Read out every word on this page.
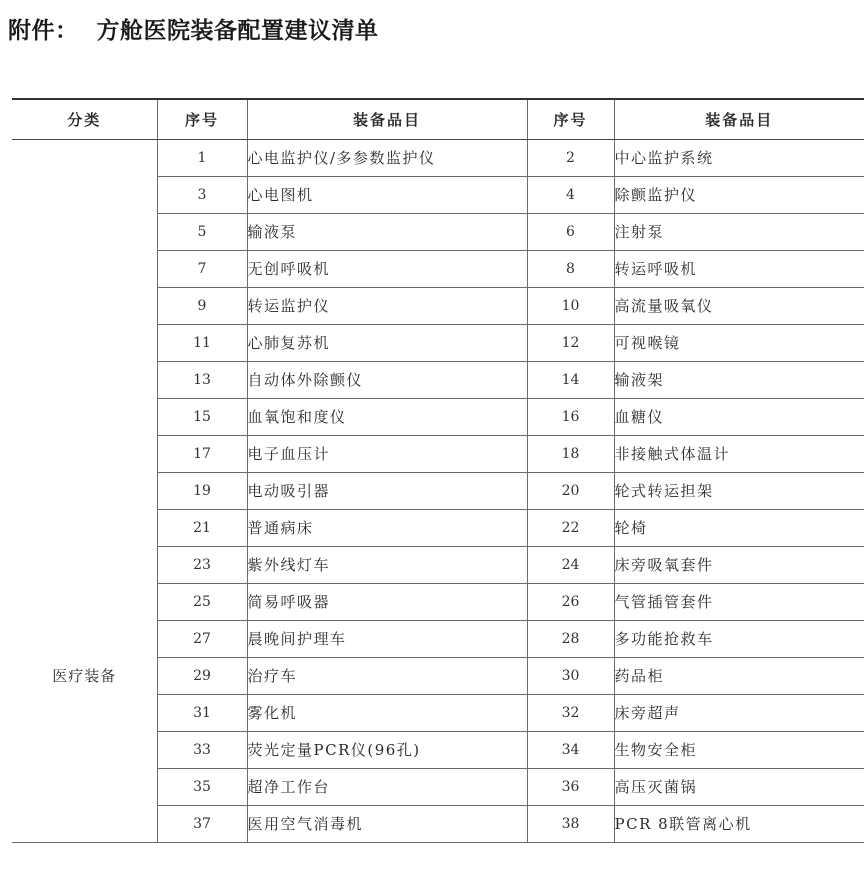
附件： 方舱医院装备配置建议清单
分类	序号	装备品目	序号	装备品目
医疗装备	1	心电监护仪/多参数监护仪	2	中心监护系统
	3	心电图机	4	除颤监护仪
	5	输液泵	6	注射泵
	7	无创呼吸机	8	转运呼吸机
	9	转运监护仪	10	高流量吸氧仪
	11	心肺复苏机	12	可视喉镜
	13	自动体外除颤仪	14	输液架
	15	血氧饱和度仪	16	血糖仪
	17	电子血压计	18	非接触式体温计
	19	电动吸引器	20	轮式转运担架
	21	普通病床	22	轮椅
	23	紫外线灯车	24	床旁吸氧套件
	25	简易呼吸器	26	气管插管套件
	27	晨晚间护理车	28	多功能抢救车
	29	治疗车	30	药品柜
	31	雾化机	32	床旁超声
	33	荧光定量PCR仪(96孔)	34	生物安全柜
	35	超净工作台	36	高压灭菌锅
	37	医用空气消毒机	38	PCR 8联管离心机
